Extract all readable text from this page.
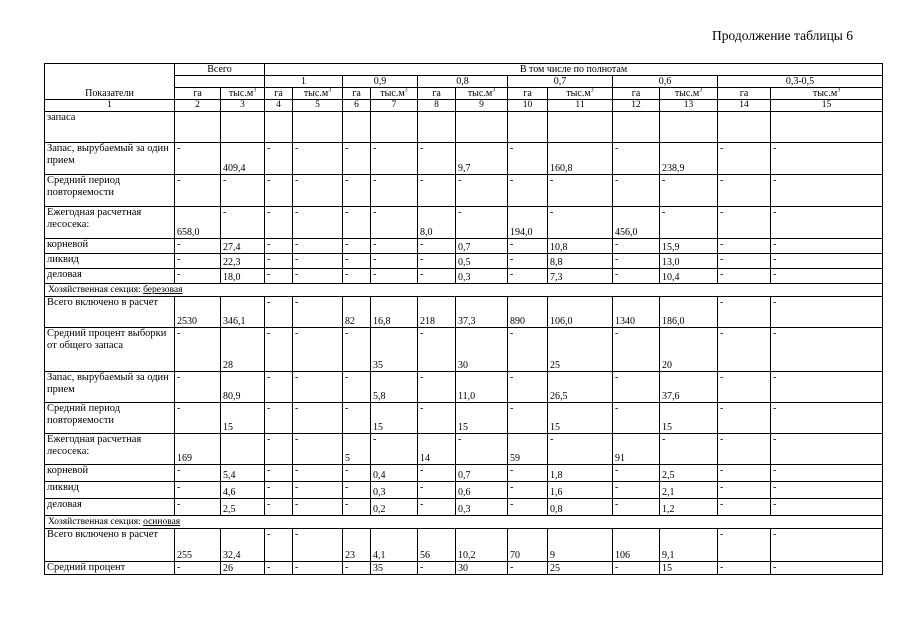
Продолжение таблицы 6
Показатели	Всего		В том числе по полнотам											
			1		0,9		0,8		0,7		0,6		0,3-0,5	
	га	$тыс.м^3$	га	$тыс.м^3$	га	$тыс.м^3$	га	$тыс.м^3$	га	$тыс.м^3$	га	$тыс.м^3$	га	$тыс.м^3$
1	2	3	4	5	6	7	8	9	10	11	12	13	14	15
запаса														
Запас, вырубаемый за один прием	-	409,4	-	-	-	-	-	9,7	-	160,8	-	238,9	-	-
Средний период повторяемости	-	-	-	-	-	-	-	-	-	-	-	-	-	-
Ежегодная расчетная лесосека:	658,0	-	-	-	-	-	8,0	-	194,0	-	456,0	-	-	-
корневой	-	27,4	-	-	-	-	-	0,7	-	10,8	-	15,9	-	-
ликвид	-	22,3	-	-	-	-	-	0,5	-	8,8	-	13,0	-	-
деловая	-	18,0	-	-	-	-	-	0,3	-	7,3	-	10,4	-	-
Хозяйственная секция: березовая														
Всего включено в расчет	2530	346,1	-	-	82	16,8	218	37,3	890	106,0	1340	186,0	-	-
Средний процент выборки от общего запаса	-	28	-	-	-	35	-	30	-	25	-	20	-	-
Запас, вырубаемый за один прием	-	80,9	-	-	-	5,8	-	11,0	-	26,5	-	37,6	-	-
Средний период повторяемости	-	15	-	-	-	15	-	15	-	15	-	15	-	-
Ежегодная расчетная лесосека:	169		-	-	5	-	14	-	59	-	91	-	-	-
корневой	-	5,4	-	-	-	0,4	-	0,7	-	1,8	-	2,5	-	-
ликвид	-	4,6	-	-	-	0,3	-	0,6	-	1,6	-	2,1	-	-
деловая	-	2,5	-	-	-	0,2	-	0,3	-	0,8	-	1,2	-	-
Хозяйственная секция: осиновая														
Всего включено в расчет	255	32,4	-	-	23	4,1	56	10,2	70	9	106	9,1	-	-
Средний процент	-	26	-	-	-	35	-	30	-	25	-	15	-	-
